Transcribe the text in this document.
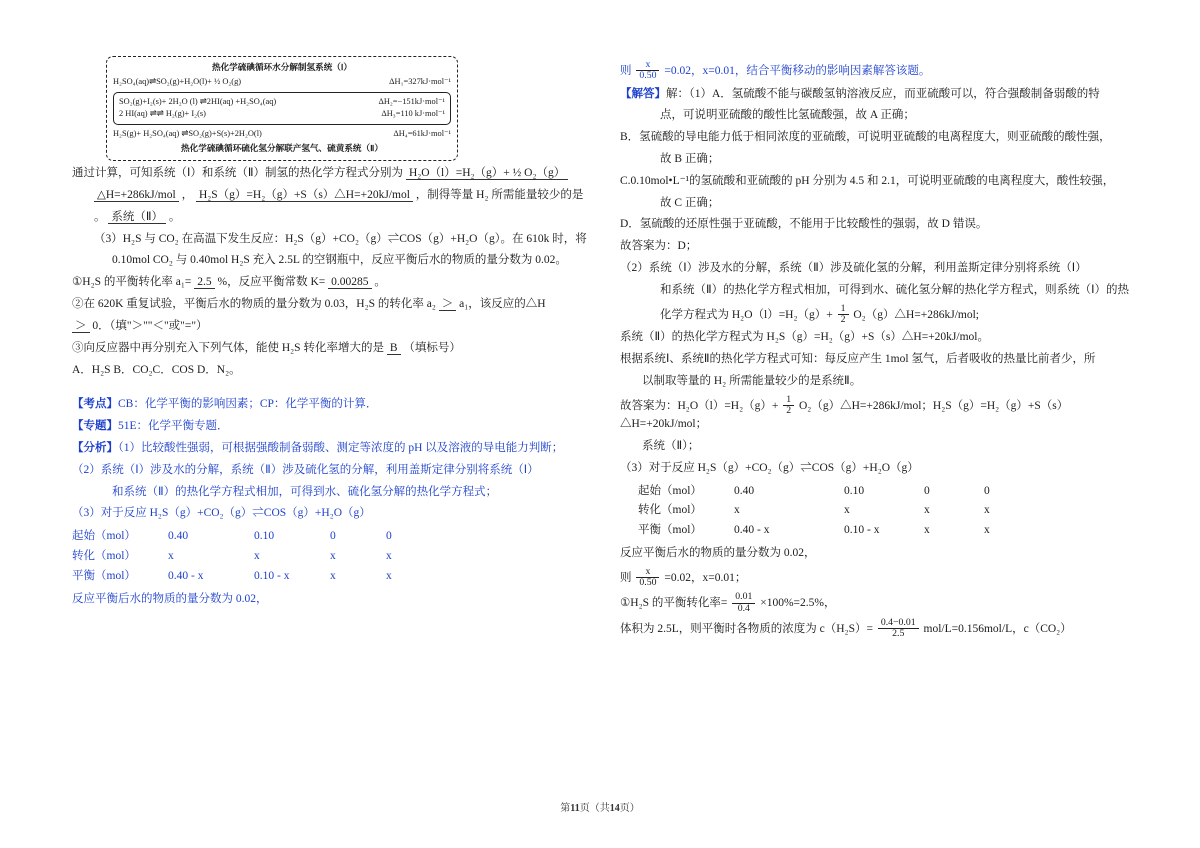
热化学硫碘循环水分解制氢系统（Ⅰ）
H₂SO₄(aq)⇌SO₂(g)+H₂O(l)+ ½ O₂(g)	ΔH₁=327kJ·mol⁻¹
SO₂(g)+I₂(s)+ 2H₂O (l) ⇌2HI(aq) +H₂SO₄(aq)	ΔH₂=−151kJ·mol⁻¹
2 HI(aq) ⇌⇌ H₂(g)+ I₂(s)	ΔH₃=110 kJ·mol⁻¹
H₂S(g)+ H₂SO₄(aq) ⇌SO₂(g)+S(s)+2H₂O(l)	ΔH₄=61kJ·mol⁻¹
热化学硫碘循环硫化氢分解联产氢气、硫黄系统（Ⅱ）
通过计算，可知系统（Ⅰ）和系统（Ⅱ）制氢的热化学方程式分别为 H₂O（l）=H₂（g）+ ½ O₂（g）
△H=+286kJ/mol ， H₂S（g）=H₂（g）+S（s）△H=+20kJ/mol ，制得等量 H₂ 所需能量较少的是
。 系统（Ⅱ） 。
（3）H₂S 与 CO₂ 在高温下发生反应：H₂S（g）+CO₂（g）⇌COS（g）+H₂O（g）。在 610k 时，将
0.10mol CO₂ 与 0.40mol H₂S 充入 2.5L 的空钢瓶中，反应平衡后水的物质的量分数为 0.02。
①H₂S 的平衡转化率 a₁= 2.5 %，反应平衡常数 K= 0.00285 。
②在 620K 重复试验，平衡后水的物质的量分数为 0.03，H₂S 的转化率 a₂ ＞ a₁，该反应的△H
＞ 0．（填"＞""＜"或"="）
③向反应器中再分别充入下列气体，能使 H₂S 转化率增大的是 B （填标号）
A．H₂S B．CO₂C．COS D．N₂。
【考点】CB：化学平衡的影响因素；CP：化学平衡的计算．
【专题】51E：化学平衡专题．
【分析】（1）比较酸性强弱，可根据强酸制备弱酸、测定等浓度的 pH 以及溶液的导电能力判断；
（2）系统（Ⅰ）涉及水的分解，系统（Ⅱ）涉及硫化氢的分解，利用盖斯定律分别将系统（Ⅰ）
和系统（Ⅱ）的热化学方程式相加，可得到水、硫化氢分解的热化学方程式；
（3）对于反应 H₂S（g）+CO₂（g）⇌COS（g）+H₂O（g）
起始（mol）	0.40	0.10	0	0
转化（mol）	x	x	x	x
平衡（mol）	0.40 - x	0.10 - x	x	x
反应平衡后水的物质的量分数为 0.02，
则 $\frac{x}{0.50} =0.02$，x=0.01，结合平衡移动的影响因素解答该题。
【解答】解：（1）A．氢硫酸不能与碳酸氢钠溶液反应，而亚硫酸可以，符合强酸制备弱酸的特
点，可说明亚硫酸的酸性比氢硫酸强，故 A 正确；
B．氢硫酸的导电能力低于相同浓度的亚硫酸，可说明亚硫酸的电离程度大，则亚硫酸的酸性强，
故 B 正确；
C.0.10mol•L⁻¹的氢硫酸和亚硫酸的 pH 分别为 4.5 和 2.1，可说明亚硫酸的电离程度大，酸性较强，
故 C 正确；
D．氢硫酸的还原性强于亚硫酸，不能用于比较酸性的强弱，故 D 错误。
故答案为：D；
（2）系统（Ⅰ）涉及水的分解，系统（Ⅱ）涉及硫化氢的分解，利用盖斯定律分别将系统（Ⅰ）
和系统（Ⅱ）的热化学方程式相加，可得到水、硫化氢分解的热化学方程式，则系统（Ⅰ）的热
化学方程式为 $H_2O(l)=H_2(g)+ \frac{1}{2}$ O₂（g）△H=+286kJ/mol;
系统（Ⅱ）的热化学方程式为 H₂S（g）=H₂（g）+S（s）△H=+20kJ/mol。
根据系统Ⅰ、系统Ⅱ的热化学方程式可知：每反应产生 1mol 氢气，后者吸收的热量比前者少，所
以制取等量的 H₂ 所需能量较少的是系统Ⅱ。
故答案为：$H_2O(l)=H_2(g)+ \frac{1}{2}$ O₂（g）△H=+286kJ/mol；H₂S（g）=H₂（g）+S（s）△H=+20kJ/mol；
系统（Ⅱ）；
（3）对于反应 H₂S（g）+CO₂（g）⇌COS（g）+H₂O（g）
起始（mol）	0.40	0.10	0	0
转化（mol）	x	x	x	x
平衡（mol）	0.40 - x	0.10 - x	x	x
反应平衡后水的物质的量分数为 0.02，
则 $\frac{x}{0.50} =0.02$，x=0.01；
①H₂S 的平衡转化率= $\frac{0.01}{0.4} \times 100\%=2.5\%$，
体积为 2.5L，则平衡时各物质的浓度为 $c(H_2S)= \frac{0.4-0.01}{2.5} mol/L=0.156mol/L$，c（CO₂）
第11页（共14页）
